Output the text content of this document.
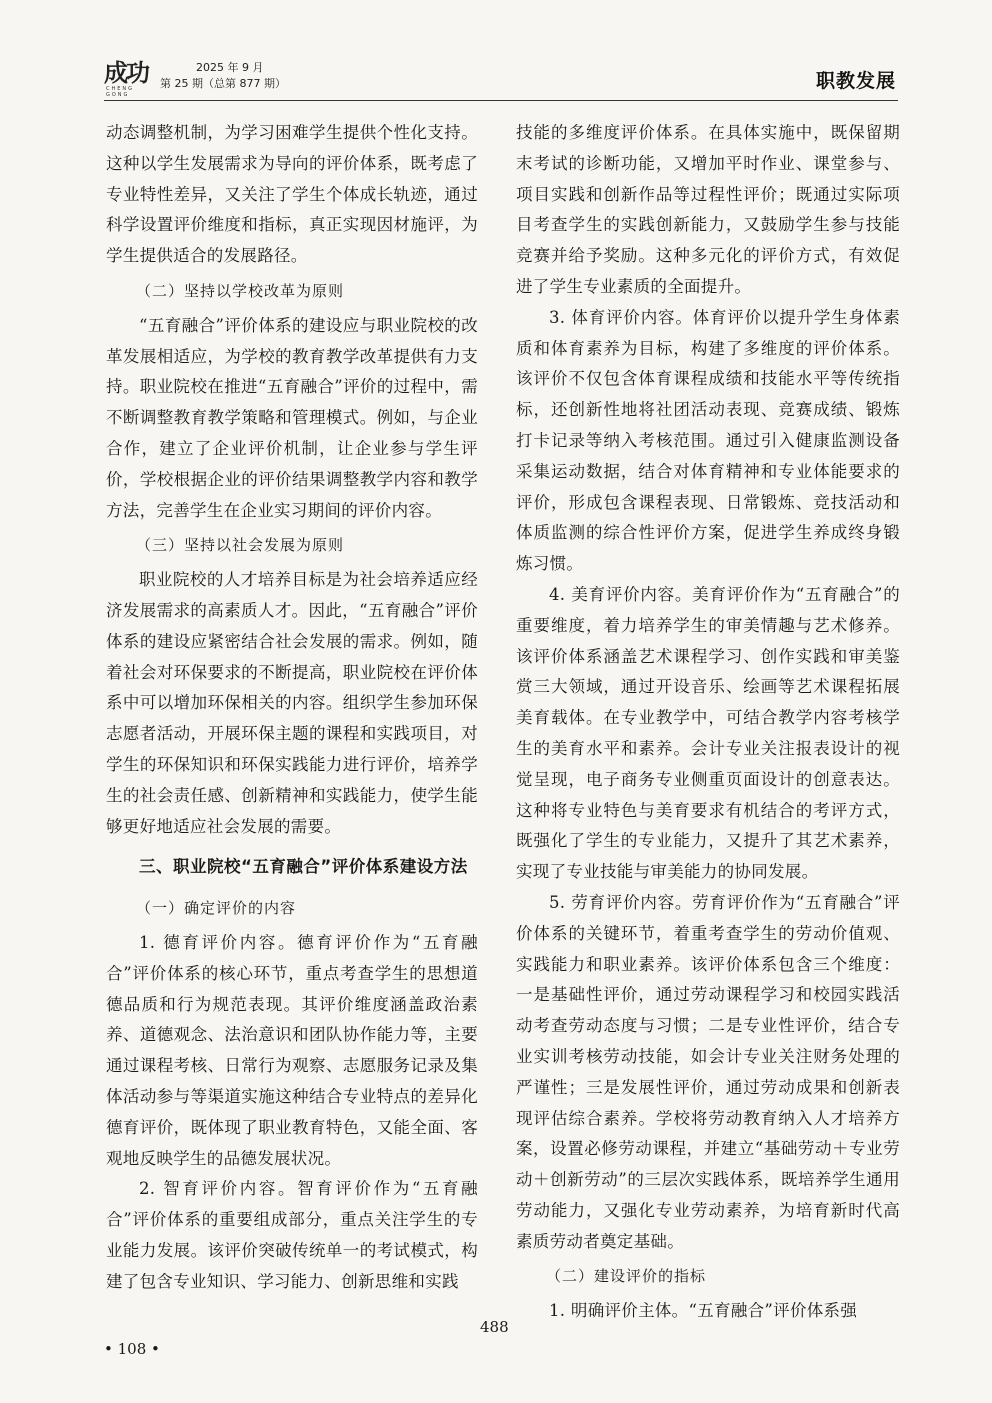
成功
CHENG GONG
2025 年 9 月
第 25 期（总第 877 期）	职教发展

动态调整机制，为学习困难学生提供个性化支持。这种以学生发展需求为导向的评价体系，既考虑了专业特性差异，又关注了学生个体成长轨迹，通过科学设置评价维度和指标，真正实现因材施评，为学生提供适合的发展路径。

（二）坚持以学校改革为原则

“五育融合”评价体系的建设应与职业院校的改革发展相适应，为学校的教育教学改革提供有力支持。职业院校在推进“五育融合”评价的过程中，需不断调整教育教学策略和管理模式。例如，与企业合作，建立了企业评价机制，让企业参与学生评价，学校根据企业的评价结果调整教学内容和教学方法，完善学生在企业实习期间的评价内容。

（三）坚持以社会发展为原则

职业院校的人才培养目标是为社会培养适应经济发展需求的高素质人才。因此，“五育融合”评价体系的建设应紧密结合社会发展的需求。例如，随着社会对环保要求的不断提高，职业院校在评价体系中可以增加环保相关的内容。组织学生参加环保志愿者活动，开展环保主题的课程和实践项目，对学生的环保知识和环保实践能力进行评价，培养学生的社会责任感、创新精神和实践能力，使学生能够更好地适应社会发展的需要。

三、职业院校“五育融合”评价体系建设方法

（一）确定评价的内容

1. 德育评价内容。德育评价作为“五育融合”评价体系的核心环节，重点考查学生的思想道德品质和行为规范表现。其评价维度涵盖政治素养、道德观念、法治意识和团队协作能力等，主要通过课程考核、日常行为观察、志愿服务记录及集体活动参与等渠道实施这种结合专业特点的差异化德育评价，既体现了职业教育特色，又能全面、客观地反映学生的品德发展状况。

2. 智育评价内容。智育评价作为“五育融合”评价体系的重要组成部分，重点关注学生的专业能力发展。该评价突破传统单一的考试模式，构建了包含专业知识、学习能力、创新思维和实践

技能的多维度评价体系。在具体实施中，既保留期末考试的诊断功能，又增加平时作业、课堂参与、项目实践和创新作品等过程性评价；既通过实际项目考查学生的实践创新能力，又鼓励学生参与技能竞赛并给予奖励。这种多元化的评价方式，有效促进了学生专业素质的全面提升。

3. 体育评价内容。体育评价以提升学生身体素质和体育素养为目标，构建了多维度的评价体系。该评价不仅包含体育课程成绩和技能水平等传统指标，还创新性地将社团活动表现、竞赛成绩、锻炼打卡记录等纳入考核范围。通过引入健康监测设备采集运动数据，结合对体育精神和专业体能要求的评价，形成包含课程表现、日常锻炼、竞技活动和体质监测的综合性评价方案，促进学生养成终身锻炼习惯。

4. 美育评价内容。美育评价作为“五育融合”的重要维度，着力培养学生的审美情趣与艺术修养。该评价体系涵盖艺术课程学习、创作实践和审美鉴赏三大领域，通过开设音乐、绘画等艺术课程拓展美育载体。在专业教学中，可结合教学内容考核学生的美育水平和素养。会计专业关注报表设计的视觉呈现，电子商务专业侧重页面设计的创意表达。这种将专业特色与美育要求有机结合的考评方式，既强化了学生的专业能力，又提升了其艺术素养，实现了专业技能与审美能力的协同发展。

5. 劳育评价内容。劳育评价作为“五育融合”评价体系的关键环节，着重考查学生的劳动价值观、实践能力和职业素养。该评价体系包含三个维度：一是基础性评价，通过劳动课程学习和校园实践活动考查劳动态度与习惯；二是专业性评价，结合专业实训考核劳动技能，如会计专业关注财务处理的严谨性；三是发展性评价，通过劳动成果和创新表现评估综合素养。学校将劳动教育纳入人才培养方案，设置必修劳动课程，并建立“基础劳动＋专业劳动＋创新劳动”的三层次实践体系，既培养学生通用劳动能力，又强化专业劳动素养，为培育新时代高素质劳动者奠定基础。

（二）建设评价的指标

1. 明确评价主体。“五育融合”评价体系强

488
• 108 •
